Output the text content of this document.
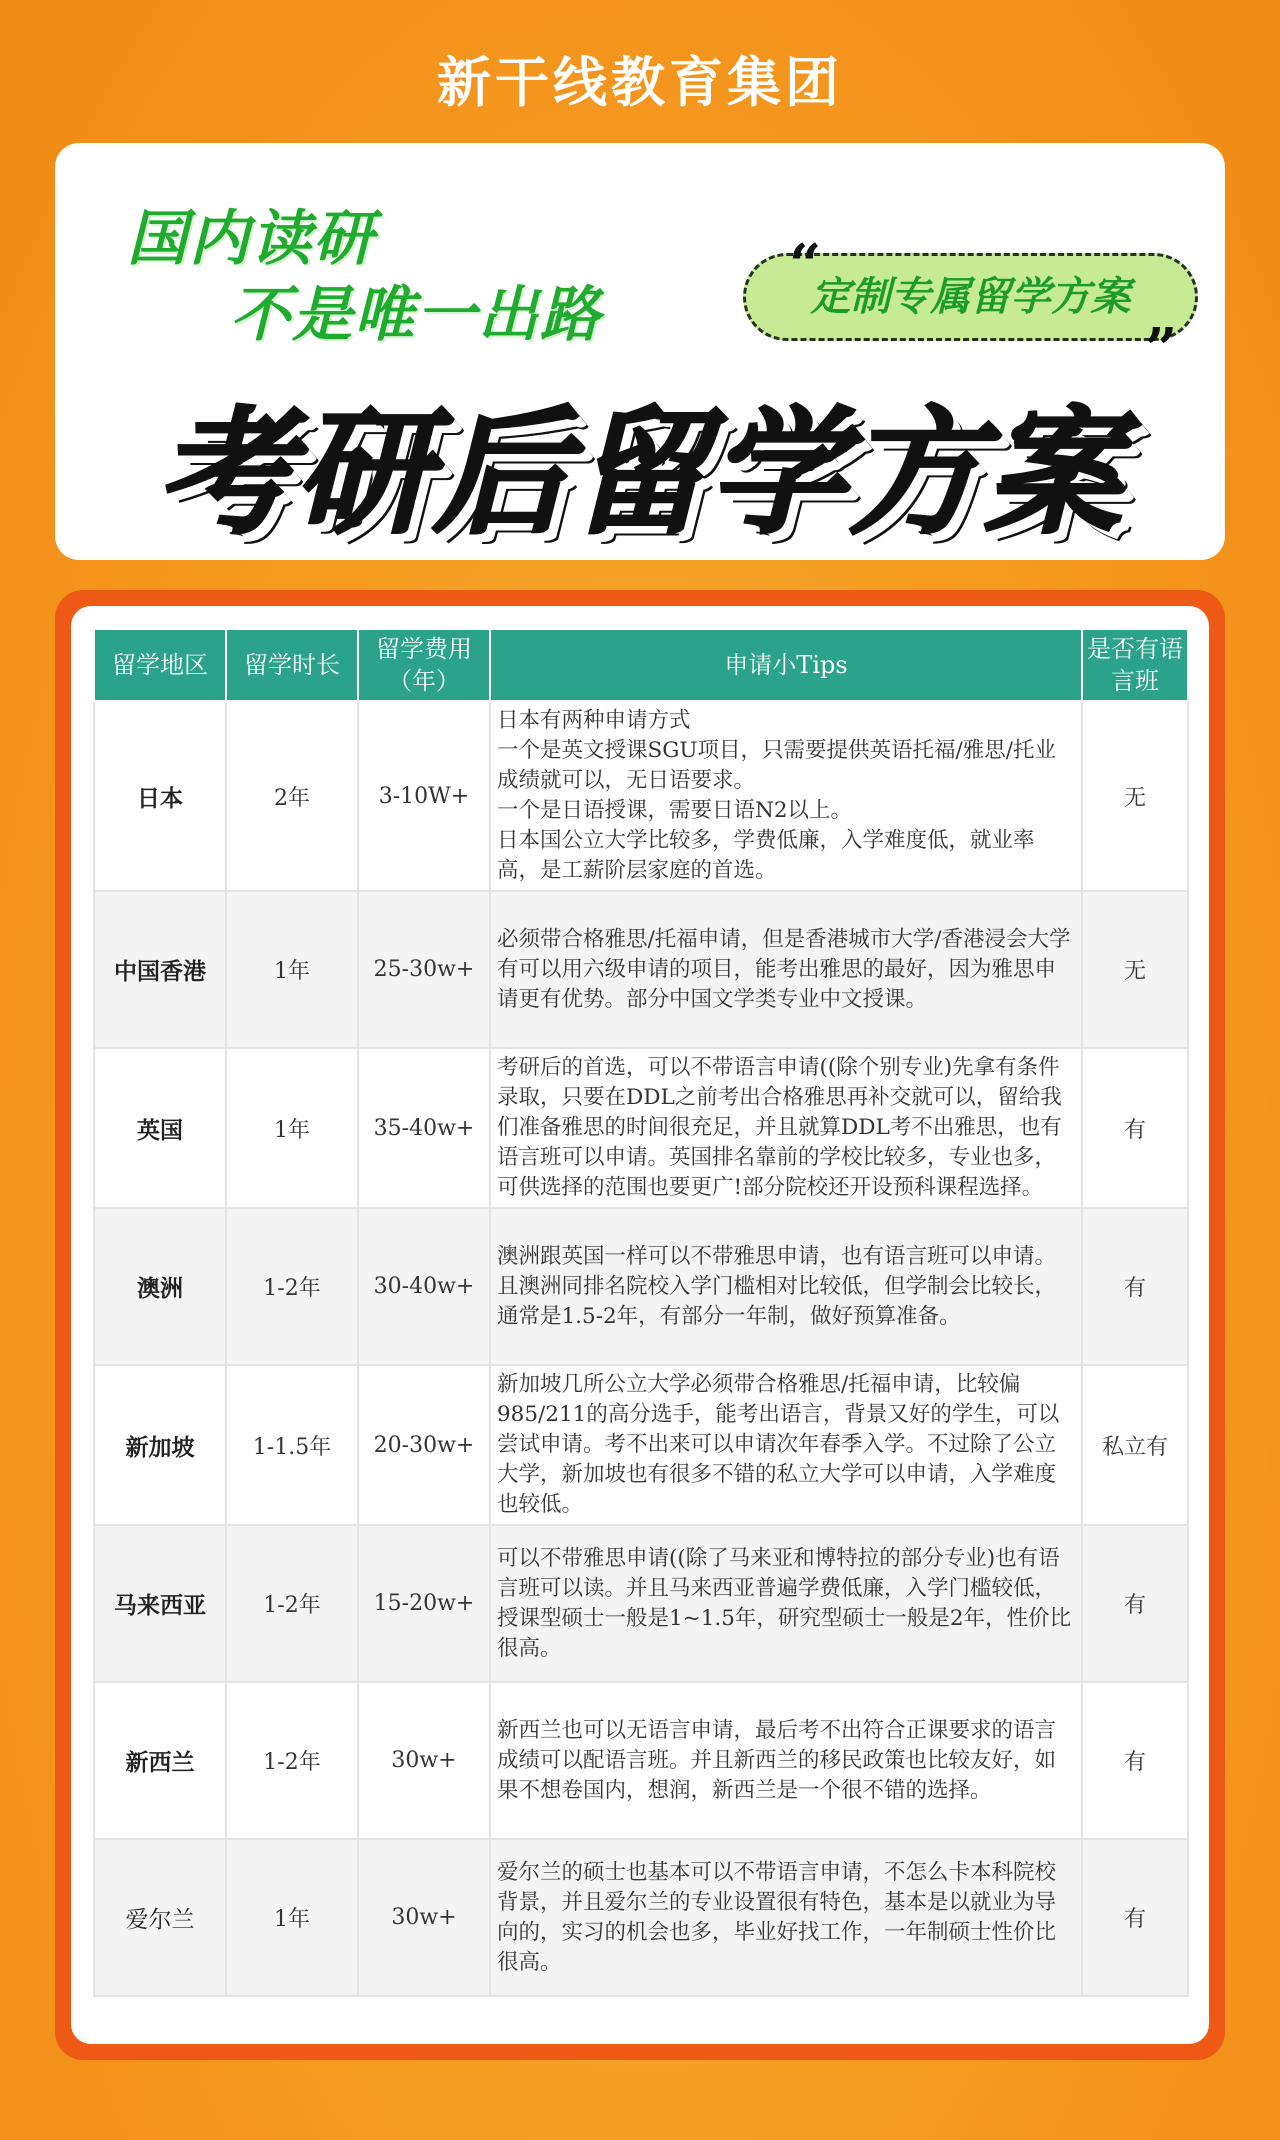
新干线教育集团
国内读研
不是唯一出路	定制专属留学方案
“
”
考研后留学方案
留学地区	留学时长	留学费用（年）	申请小Tips	是否有语言班
日本	2年	3-10W+	日本有两种申请方式
一个是英文授课SGU项目，只需要提供英语托福/雅思/托业成绩就可以，无日语要求。
一个是日语授课，需要日语N2以上。
日本国公立大学比较多，学费低廉，入学难度低，就业率高，是工薪阶层家庭的首选。	无
中国香港	1年	25-30w+	必须带合格雅思/托福申请，但是香港城市大学/香港浸会大学有可以用六级申请的项目，能考出雅思的最好，因为雅思申请更有优势。部分中国文学类专业中文授课。	无
英国	1年	35-40w+	考研后的首选，可以不带语言申请((除个别专业)先拿有条件录取，只要在DDL之前考出合格雅思再补交就可以，留给我们准备雅思的时间很充足，并且就算DDL考不出雅思，也有语言班可以申请。英国排名靠前的学校比较多，专业也多，可供选择的范围也要更广!部分院校还开设预科课程选择。	有
澳洲	1-2年	30-40w+	澳洲跟英国一样可以不带雅思申请，也有语言班可以申请。且澳洲同排名院校入学门槛相对比较低，但学制会比较长，通常是1.5-2年，有部分一年制，做好预算准备。	有
新加坡	1-1.5年	20-30w+	新加坡几所公立大学必须带合格雅思/托福申请，比较偏985/211的高分选手，能考出语言，背景又好的学生，可以尝试申请。考不出来可以申请次年春季入学。不过除了公立大学，新加坡也有很多不错的私立大学可以申请，入学难度也较低。	私立有
马来西亚	1-2年	15-20w+	可以不带雅思申请((除了马来亚和博特拉的部分专业)也有语言班可以读。并且马来西亚普遍学费低廉，入学门槛较低，授课型硕士一般是1~1.5年，研究型硕士一般是2年，性价比很高。	有
新西兰	1-2年	30w+	新西兰也可以无语言申请，最后考不出符合正课要求的语言成绩可以配语言班。并且新西兰的移民政策也比较友好，如果不想卷国内，想润，新西兰是一个很不错的选择。	有
爱尔兰	1年	30w+	爱尔兰的硕士也基本可以不带语言申请，不怎么卡本科院校背景，并且爱尔兰的专业设置很有特色，基本是以就业为导向的，实习的机会也多，毕业好找工作，一年制硕士性价比很高。	有
